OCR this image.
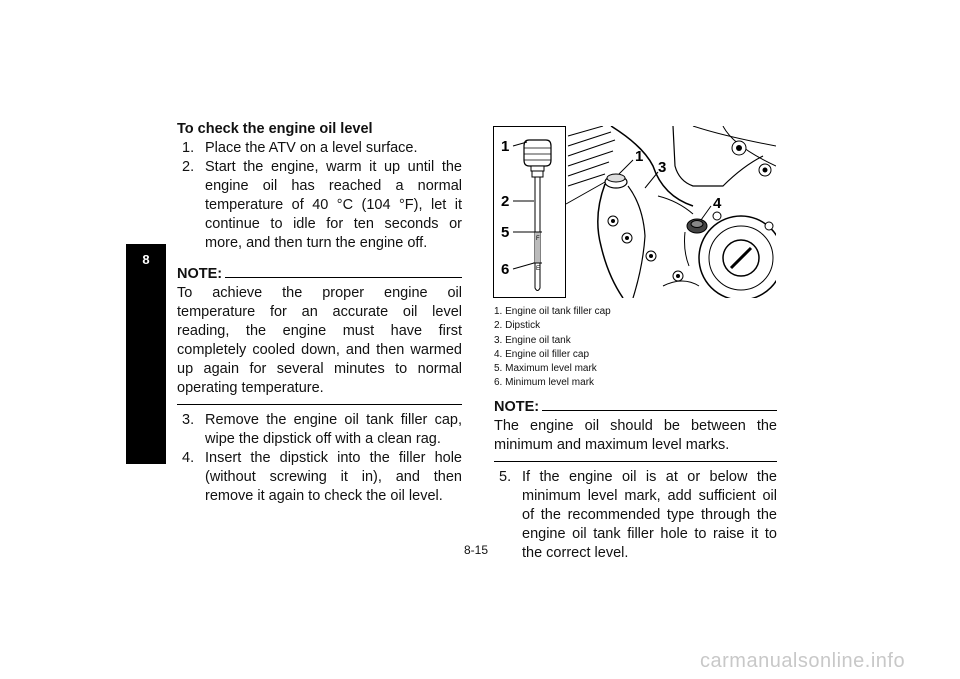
8
To check the engine oil level
1. Place the ATV on a level surface.
2. Start the engine, warm it up until the engine oil has reached a normal temperature of 40 °C (104 °F), let it continue to idle for ten seconds or more, and then turn the engine off.
NOTE:

To achieve the proper engine oil temperature for an accurate oil level reading, the engine must have first completely cooled down, and then warmed up again for several minutes to normal operating temperature.

3. Remove the engine oil tank filler cap, wipe the dipstick off with a clean rag.
4. Insert the dipstick into the filler hole (without screwing it in), and then remove it again to check the oil level.
F
E
1
2
5
6
1
3
4
1. Engine oil tank filler cap
2. Dipstick
3. Engine oil tank
4. Engine oil filler cap
5. Maximum level mark
6. Minimum level mark
NOTE:

The engine oil should be between the minimum and maximum level marks.

5. If the engine oil is at or below the minimum level mark, add sufficient oil of the recommended type through the engine oil tank filler hole to raise it to the correct level.
8-15
carmanualsonline.info
